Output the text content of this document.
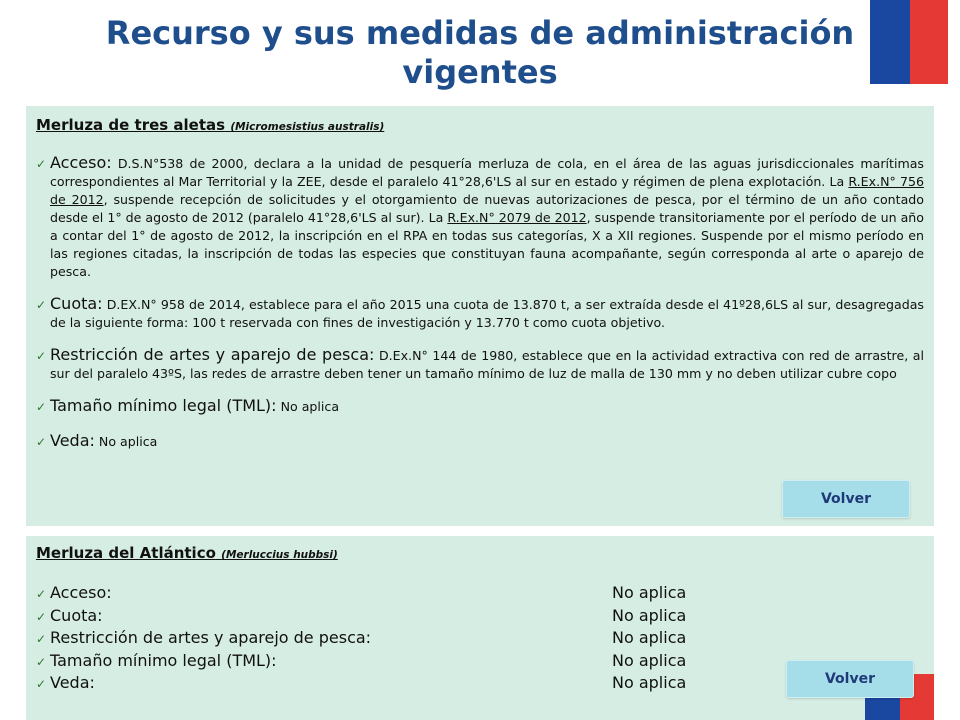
Recurso y sus medidas de administración vigentes
Merluza de tres aletas (Micromesistius australis)
✓ Acceso: D.S.N°538 de 2000, declara a la unidad de pesquería merluza de cola, en el área de las aguas jurisdiccionales marítimas correspondientes al Mar Territorial y la ZEE, desde el paralelo 41°28,6'LS al sur en estado y régimen de plena explotación. La R.Ex.N° 756 de 2012, suspende recepción de solicitudes y el otorgamiento de nuevas autorizaciones de pesca, por el término de un año contado desde el 1° de agosto de 2012 (paralelo 41°28,6'LS al sur). La R.Ex.N° 2079 de 2012, suspende transitoriamente por el período de un año a contar del 1° de agosto de 2012, la inscripción en el RPA en todas sus categorías, X a XII regiones. Suspende por el mismo período en las regiones citadas, la inscripción de todas las especies que constituyan fauna acompañante, según corresponda al arte o aparejo de pesca.
✓ Cuota: D.EX.N° 958 de 2014, establece para el año 2015 una cuota de 13.870 t, a ser extraída desde el 41º28,6LS al sur, desagregadas de la siguiente forma: 100 t reservada con fines de investigación y 13.770 t como cuota objetivo.
✓ Restricción de artes y aparejo de pesca: D.Ex.N° 144 de 1980, establece que en la actividad extractiva con red de arrastre, al sur del paralelo 43ºS, las redes de arrastre deben tener un tamaño mínimo de luz de malla de 130 mm y no deben utilizar cubre copo
✓ Tamaño mínimo legal (TML): No aplica
✓ Veda: No aplica
Volver
Merluza del Atlántico (Merluccius hubbsi)
✓ Acceso:	No aplica
✓ Cuota:	No aplica
✓ Restricción de artes y aparejo de pesca:	No aplica
✓ Tamaño mínimo legal (TML):	No aplica
✓ Veda:	No aplica	Volver
